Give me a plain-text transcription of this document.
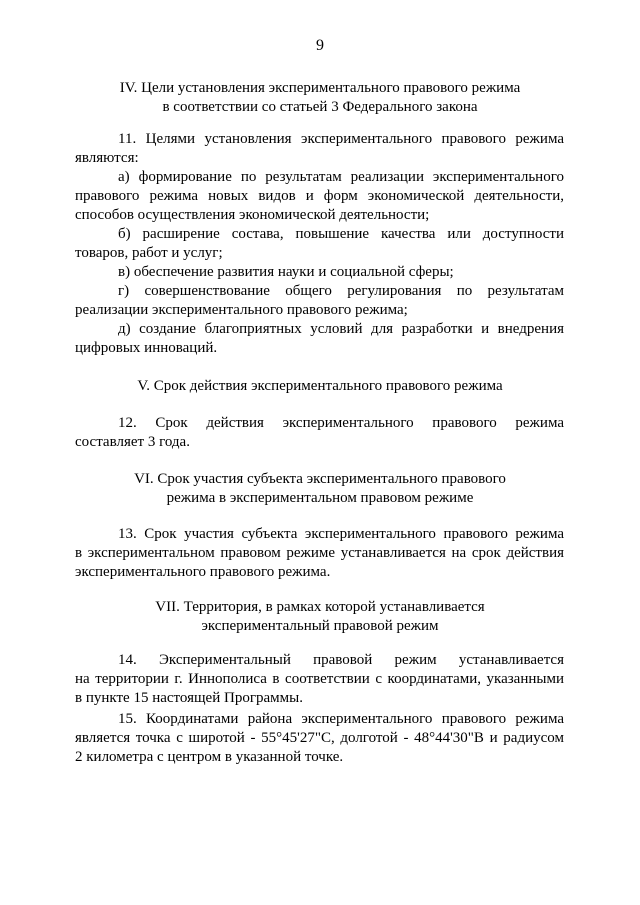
9
IV. Цели установления экспериментального правового режима
в соответствии со статьей 3 Федерального закона
11. Целями установления экспериментального правового режима
являются:
а) формирование по результатам реализации экспериментального
правового режима новых видов и форм экономической деятельности,
способов осуществления экономической деятельности;
б) расширение состава, повышение качества или доступности
товаров, работ и услуг;
в) обеспечение развития науки и социальной сферы;
г) совершенствование общего регулирования по результатам
реализации экспериментального правового режима;
д) создание благоприятных условий для разработки и внедрения
цифровых инноваций.
V. Срок действия экспериментального правового режима
12. Срок действия экспериментального правового режима
составляет 3 года.
VI. Срок участия субъекта экспериментального правового
режима в экспериментальном правовом режиме
13. Срок участия субъекта экспериментального правового режима
в экспериментальном правовом режиме устанавливается на срок действия
экспериментального правового режима.
VII. Территория, в рамках которой устанавливается
экспериментальный правовой режим
14. Экспериментальный правовой режим устанавливается
на территории г. Иннополиса в соответствии с координатами, указанными
в пункте 15 настоящей Программы.
15. Координатами района экспериментального правового режима
является точка с широтой - 55°45'27"С, долготой - 48°44'30"В и радиусом
2 километра с центром в указанной точке.
